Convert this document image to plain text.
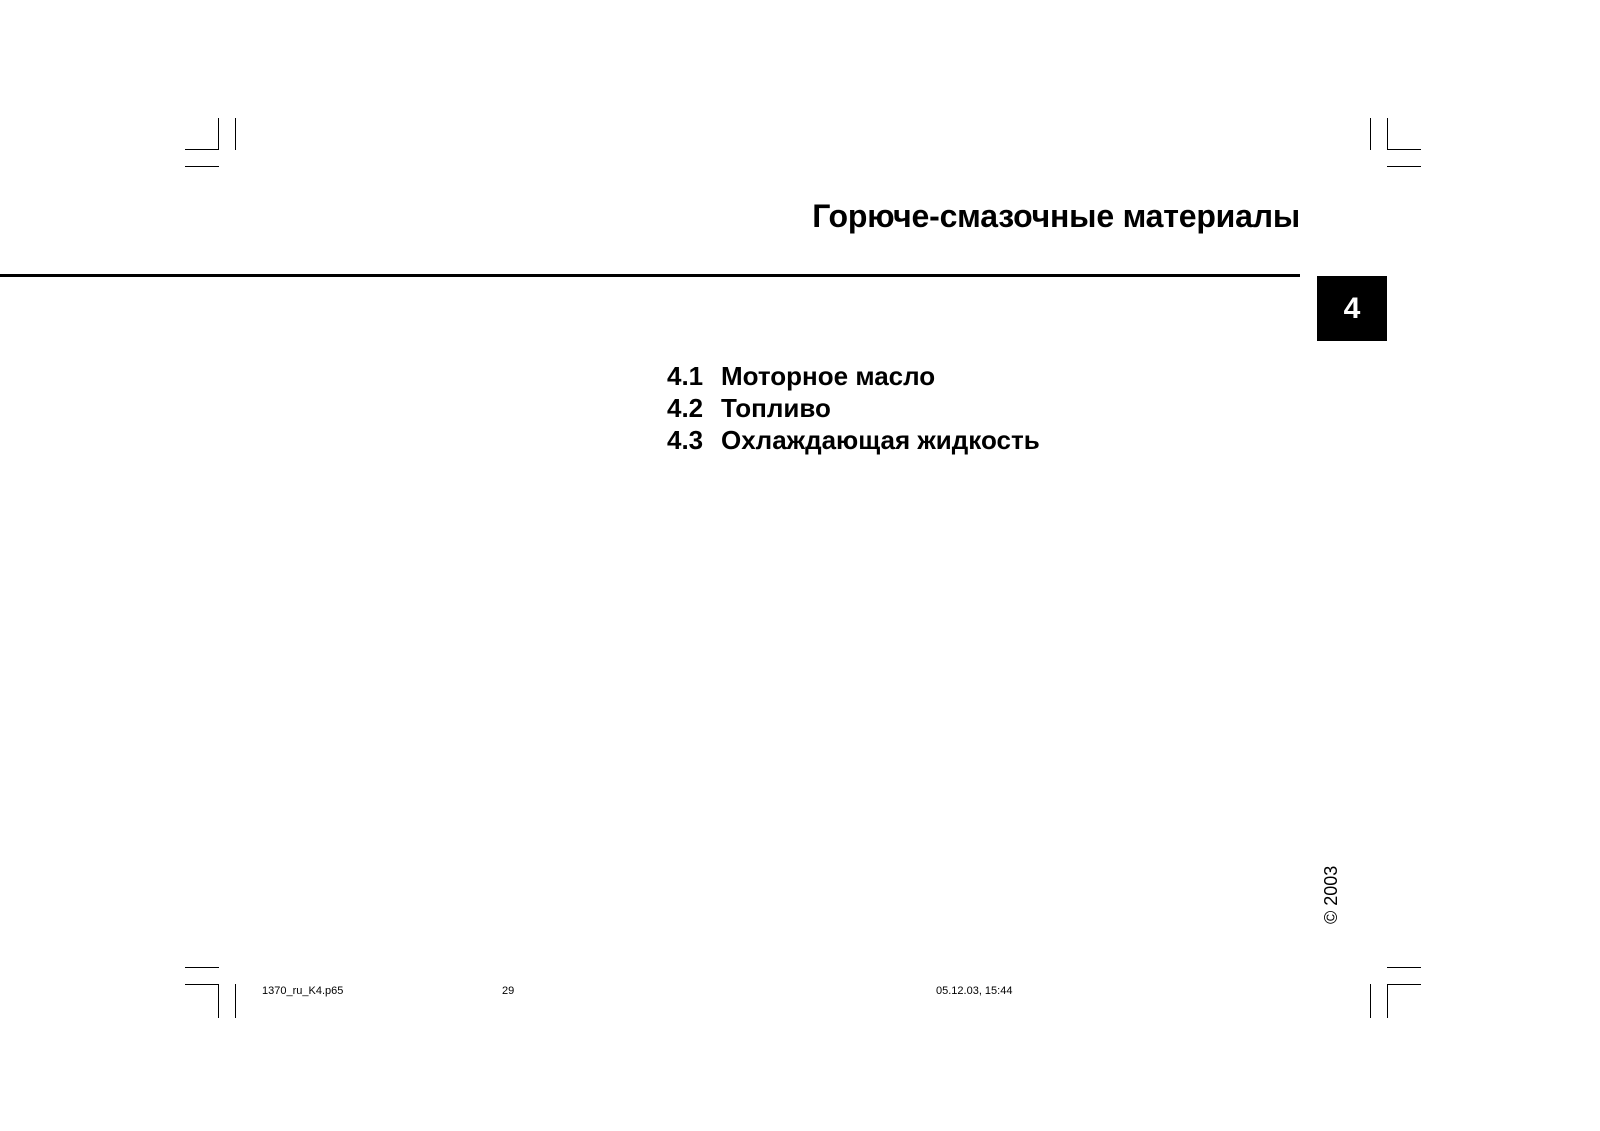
Горюче-смазочные материалы
4
4.1 Моторное масло
4.2 Топливо
4.3 Охлаждающая жидкость
© 2003
1370_ru_K4.p65	29	05.12.03, 15:44
